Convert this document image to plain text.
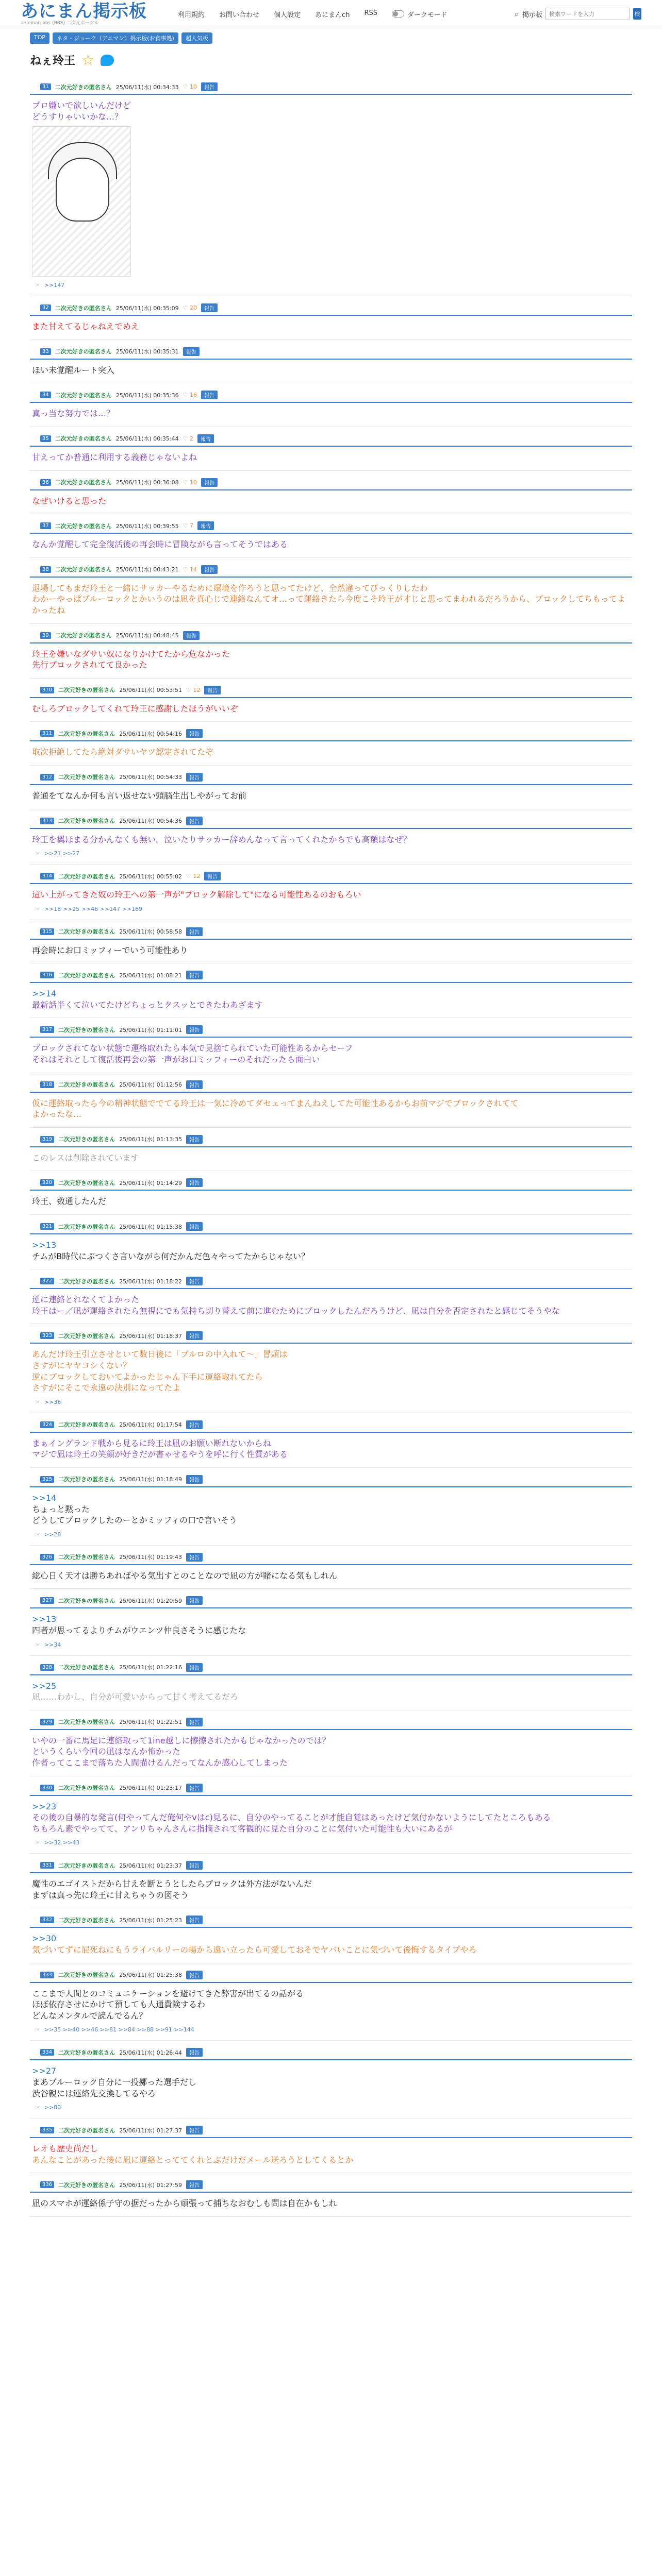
あにまん掲示板
anieman bbs (BBS) 二次元ポータル
利用規約 お問い合わせ 個人設定 あにまんch RSS	ダークモード	⌕ 掲示板
検索ワードを入力	検
TOP	ネタ・ジョーク（アニマン）掲示板(お食事処)	超人気板
ねぇ玲王 ☆
31	二次元好きの匿名さん 25/06/11(水) 00:34:33 ♡ 10	報告
プロ嫌いで欲しいんだけど
どうすりゃいいかな…？
☞ >>147
32	二次元好きの匿名さん 25/06/11(水) 00:35:09 ♡ 20	報告
また甘えてるじゃねえでめえ
33	二次元好きの匿名さん 25/06/11(水) 00:35:31	報告
ほい未覚醒ルート突入
34	二次元好きの匿名さん 25/06/11(水) 00:35:36 ♡ 16	報告
真っ当な努力では…？
35	二次元好きの匿名さん 25/06/11(水) 00:35:44 ♡ 2	報告
甘えってか普通に利用する義務じゃないよね
36	二次元好きの匿名さん 25/06/11(水) 00:36:08 ♡ 10	報告
なぜいけると思った
37	二次元好きの匿名さん 25/06/11(水) 00:39:55 ♡ 7	報告
なんか覚醒して完全復活後の再会時に冒険ながら言ってそうではある
38	二次元好きの匿名さん 25/06/11(水) 00:43:21 ♡ 14	報告
退場してもまだ玲王と一緒にサッカーやるために環境を作ろうと思ってたけど、全然違ってびっくりしたわ
わかーやっぱブルーロックとかいうのは凪を真心じで連絡なんてオ…って運絡きたら今度こそ玲王が才じと思ってまわれるだろうから、ブロックしてちもってよかったね
39	二次元好きの匿名さん 25/06/11(水) 00:48:45	報告
玲王を嫌いなダサい奴になりかけてたから危なかった
先行ブロックされてて良かった
310	二次元好きの匿名さん 25/06/11(水) 00:53:51 ♡ 12	報告
むしろブロックしてくれて玲王に感謝したほうがいいぞ
311	二次元好きの匿名さん 25/06/11(水) 00:54:16	報告
取次拒絶してたら絶対ダサいヤツ認定されてたぞ
312	二次元好きの匿名さん 25/06/11(水) 00:54:33	報告
普通をてなんか何も言い返せない頭脳生出しやがってお前
313	二次元好きの匿名さん 25/06/11(水) 00:54:36	報告
玲王を翼ほまる分かんなくも無い。泣いたりサッカー辞めんなって言ってくれたからでも高額はなぜ？
☞ >>21 >>27
314	二次元好きの匿名さん 25/06/11(水) 00:55:02 ♡ 12	報告
這い上がってきた奴の玲王への第一声が"ブロック解除して"になる可能性あるのおもろい
☞ >>18 >>25 >>46 >>147 >>169
315	二次元好きの匿名さん 25/06/11(水) 00:58:58	報告
再会時にお口ミッフィーでいう可能性あり
316	二次元好きの匿名さん 25/06/11(水) 01:08:21	報告
>>14
最新話半くて泣いてたけどちょっとクスッとできたわあざます
317	二次元好きの匿名さん 25/06/11(水) 01:11:01	報告
ブロックされてない状態で運絡取れたら本気で見捨てられていた可能性あるからセーフ
それはそれとして復活後再会の第一声がお口ミッフィーのそれだったら面白い
318	二次元好きの匿名さん 25/06/11(水) 01:12:56	報告
仮に運絡取ったら今の精神状態ででてる玲王は一気に冷めてダセェってまんねえしてた可能性あるからお前マジでブロックされてて
よかったな…
319	二次元好きの匿名さん 25/06/11(水) 01:13:35	報告
このレスは削除されています
320	二次元好きの匿名さん 25/06/11(水) 01:14:29	報告
玲王、数通したんだ
321	二次元好きの匿名さん 25/06/11(水) 01:15:38	報告
>>13
チムがB時代にぶつくさ言いながら何だかんだ色々やってたからじゃない？
322	二次元好きの匿名さん 25/06/11(水) 01:18:22	報告
逆に連絡とれなくてよかった
玲王はー／凪が運絡されたら無視にでも気持ち切り替えて前に進むためにブロックしたんだろうけど、凪は自分を否定されたと感じてそうやな
323	二次元好きの匿名さん 25/06/11(水) 01:18:37	報告
あんだけ玲王引立させといて数日後に「ブルロの中入れて〜」冒頭は
さすがにヤヤコシくない？
逆にブロックしておいてよかったじゃん下手に運絡取れてたら
さすがにそこで永遠の決別になってたよ
☞ >>36
324	二次元好きの匿名さん 25/06/11(水) 01:17:54	報告
まぁイングランド戦から見るに玲王は凪のお願い断れないからね
マジで凪は玲王の笑顔が好きだが書ゃせるやうを呼に行く性質がある
325	二次元好きの匿名さん 25/06/11(水) 01:18:49	報告
>>14
ちょっと黙った
どうしてブロックしたのーとかミッフィの口で言いそう
☞ >>28
326	二次元好きの匿名さん 25/06/11(水) 01:19:43	報告
総心日く天才は勝ちあればやる気出すとのことなので凪の方が賭になる気もしれん
327	二次元好きの匿名さん 25/06/11(水) 01:20:59	報告
>>13
四者が思ってるよりチムがウエンツ仲良さそうに感じたな
☞ >>34
328	二次元好きの匿名さん 25/06/11(水) 01:22:16	報告
>>25
凪……わかし、自分が可愛いからって甘く考えてるだろ
329	二次元好きの匿名さん 25/06/11(水) 01:22:51	報告
いやの一番に馬足に連絡取って1ine越しに擦擦されたかもじゃなかったのでは？
というくらい今回の凪はなんか怖かった
作者ってここまで落ちた人間描けるんだってなんか感心してしまった
330	二次元好きの匿名さん 25/06/11(水) 01:23:17	報告
>>23
その後の自暴的な発言(何やってんだ俺何やvはc)見るに、自分のやってることが才能自覚はあったけど気付かないようにしてたところもある
ちもろん素でやってて、アンリちゃんさんに指摘されて客観的に見た自分のことに気付いた可能性も大いにあるが
☞ >>32 >>43
331	二次元好きの匿名さん 25/06/11(水) 01:23:37	報告
魔性のエゴイストだから甘えを断とうとしたらブロックは外方法がないんだ
まずは真っ先に玲王に甘えちゃうの図そう
332	二次元好きの匿名さん 25/06/11(水) 01:25:23	報告
>>30
気づいてずに屁死ねにもうライバルリーの場から遠い立ったら可愛しておそでヤバいことに気づいて後悔するタイプやろ
333	二次元好きの匿名さん 25/06/11(水) 01:25:38	報告
ここまで人間とのコミュニケーションを避けてきた弊害が出てるの話がる
ほぼ依存させにかけて預しても人通費険するわ
どんなメンタルで読んでるん？
☞ >>35 >>40 >>46 >>81 >>84 >>88 >>91 >>144
334	二次元好きの匿名さん 25/06/11(水) 01:26:44	報告
>>27
まあブルーロック自分に一投擲った選手だし
渋谷親には運絡先交換してるやろ
☞ >>80
335	二次元好きの匿名さん 25/06/11(水) 01:27:37	報告
レオも歴史尚だし
あんなことがあった後に凪に運絡とっててくれとぶだけだメール送ろうとしてくるとか
336	二次元好きの匿名さん 25/06/11(水) 01:27:59	報告
凪のスマホが運絡係子守の据だったから頑張って捕ちなおむしも問は自在かもしれ
